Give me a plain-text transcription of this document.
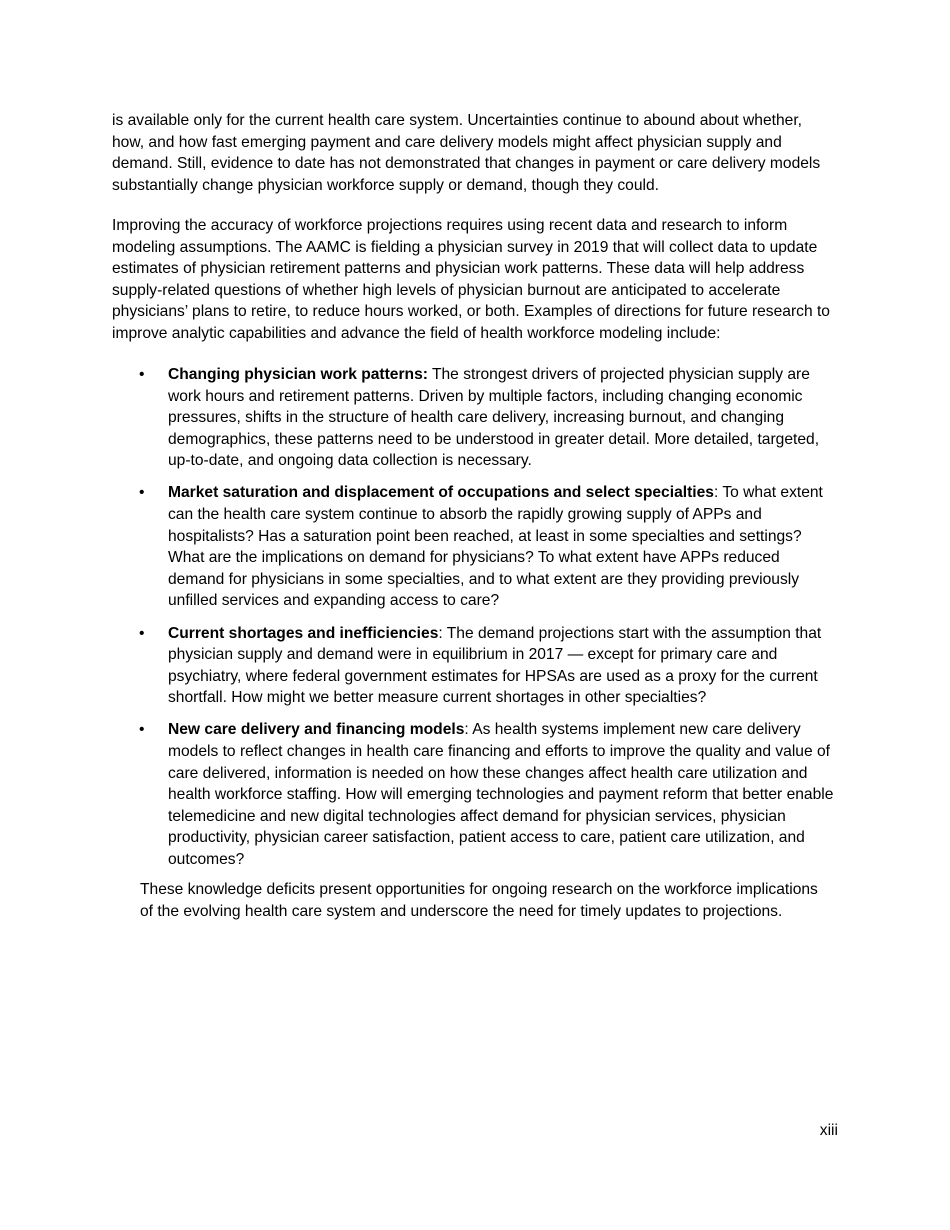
is available only for the current health care system. Uncertainties continue to abound about whether, how, and how fast emerging payment and care delivery models might affect physician supply and demand. Still, evidence to date has not demonstrated that changes in payment or care delivery models substantially change physician workforce supply or demand, though they could.

Improving the accuracy of workforce projections requires using recent data and research to inform modeling assumptions. The AAMC is fielding a physician survey in 2019 that will collect data to update estimates of physician retirement patterns and physician work patterns. These data will help address supply-related questions of whether high levels of physician burnout are anticipated to accelerate physicians’ plans to retire, to reduce hours worked, or both. Examples of directions for future research to improve analytic capabilities and advance the field of health workforce modeling include:

• Changing physician work patterns: The strongest drivers of projected physician supply are work hours and retirement patterns. Driven by multiple factors, including changing economic pressures, shifts in the structure of health care delivery, increasing burnout, and changing demographics, these patterns need to be understood in greater detail. More detailed, targeted, up-to-date, and ongoing data collection is necessary.
• Market saturation and displacement of occupations and select specialties: To what extent can the health care system continue to absorb the rapidly growing supply of APPs and hospitalists? Has a saturation point been reached, at least in some specialties and settings? What are the implications on demand for physicians? To what extent have APPs reduced demand for physicians in some specialties, and to what extent are they providing previously unfilled services and expanding access to care?
• Current shortages and inefficiencies: The demand projections start with the assumption that physician supply and demand were in equilibrium in 2017 — except for primary care and psychiatry, where federal government estimates for HPSAs are used as a proxy for the current shortfall. How might we better measure current shortages in other specialties?
• New care delivery and financing models: As health systems implement new care delivery models to reflect changes in health care financing and efforts to improve the quality and value of care delivered, information is needed on how these changes affect health care utilization and health workforce staffing. How will emerging technologies and payment reform that better enable telemedicine and new digital technologies affect demand for physician services, physician productivity, physician career satisfaction, patient access to care, patient care utilization, and outcomes?

These knowledge deficits present opportunities for ongoing research on the workforce implications of the evolving health care system and underscore the need for timely updates to projections.

xiii
